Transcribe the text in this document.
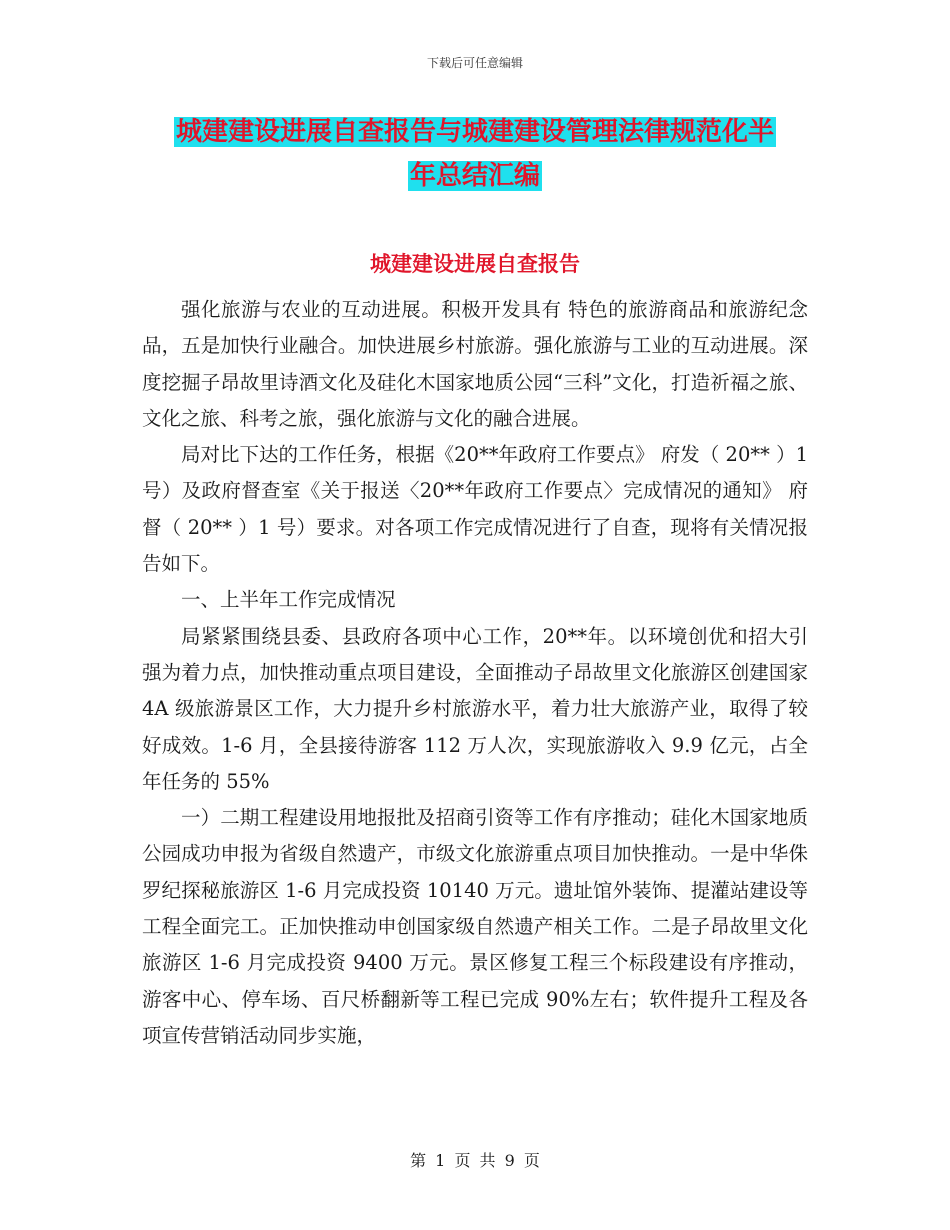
下载后可任意编辑
城建建设进展自查报告与城建建设管理法律规范化半
年总结汇编
城建建设进展自查报告

强化旅游与农业的互动进展。积极开发具有 特色的旅游商品和旅游纪念品，五是加快行业融合。加快进展乡村旅游。强化旅游与工业的互动进展。深度挖掘子昂故里诗酒文化及硅化木国家地质公园“三科”文化，打造祈福之旅、文化之旅、科考之旅，强化旅游与文化的融合进展。

局对比下达的工作任务，根据《20**年政府工作要点》 府发（ 20** ）1 号）及政府督查室《关于报送〈20**年政府工作要点〉完成情况的通知》 府督（ 20** ）1 号）要求。对各项工作完成情况进行了自查，现将有关情况报告如下。

一、上半年工作完成情况

局紧紧围绕县委、县政府各项中心工作，20**年。以环境创优和招大引强为着力点，加快推动重点项目建设，全面推动子昂故里文化旅游区创建国家 4A 级旅游景区工作，大力提升乡村旅游水平，着力壮大旅游产业，取得了较好成效。1-6 月，全县接待游客 112 万人次，实现旅游收入 9.9 亿元，占全年任务的 55%

一）二期工程建设用地报批及招商引资等工作有序推动；硅化木国家地质公园成功申报为省级自然遗产，市级文化旅游重点项目加快推动。一是中华侏罗纪探秘旅游区 1-6 月完成投资 10140 万元。遗址馆外装饰、提灌站建设等工程全面完工。正加快推动申创国家级自然遗产相关工作。二是子昂故里文化旅游区 1-6 月完成投资 9400 万元。景区修复工程三个标段建设有序推动，游客中心、停车场、百尺桥翻新等工程已完成 90%左右；软件提升工程及各项宣传营销活动同步实施，

第 1 页 共 9 页
